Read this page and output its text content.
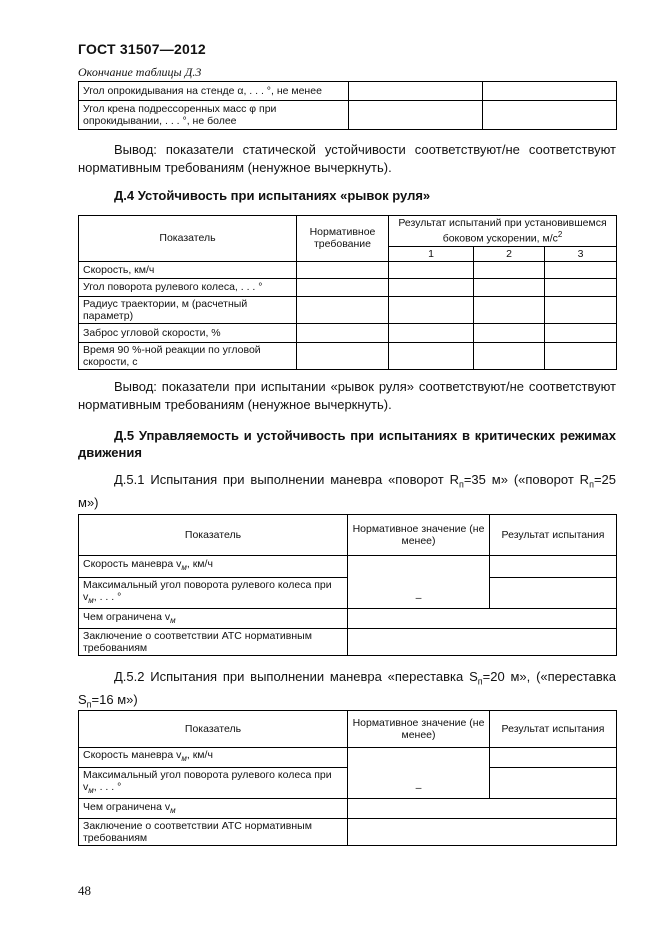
ГОСТ 31507—2012
Окончание таблицы Д.3
Угол опрокидывания на стенде α, . . . °, не менее		
Угол крена подрессоренных масс φ при опрокидывании, . . . °, не более		

Вывод: показатели статической устойчивости соответствуют/не соответствуют нормативным требованиям (ненужное вычеркнуть).

Д.4 Устойчивость при испытаниях «рывок руля»
Показатель	Нормативное требование	Результат испытаний при установившемся боковом ускорении, $м/с^2$
		1	2	3
Скорость, км/ч				
Угол поворота рулевого колеса, . . . °				
Радиус траектории, м (расчетный параметр)				
Заброс угловой скорости, %				
Время 90 %-ной реакции по угловой скорости, с				

Вывод: показатели при испытании «рывок руля» соответствуют/не соответствуют нормативным требованиям (ненужное вычеркнуть).

Д.5 Управляемость и устойчивость при испытаниях в критических режимах движения

Д.5.1 Испытания при выполнении маневра «поворот $R_п=35$ м» («поворот $R_п=25$ м»)

Показатель	Нормативное значение (не менее)	Результат испытания
Скорость маневра $v_м$, км/ч	–	
Максимальный угол поворота рулевого колеса при $v_м$, . . . °		
Чем ограничена $v_м$	
Заключение о соответствии АТС нормативным требованиям		

Д.5.2 Испытания при выполнении маневра «переставка $S_п=20$ м», («переставка $S_п=16$ м»)

Показатель	Нормативное значение (не менее)	Результат испытания
Скорость маневра $v_м$, км/ч	–	
Максимальный угол поворота рулевого колеса при $v_м$, . . . °		
Чем ограничена $v_м$	
Заключение о соответствии АТС нормативным требованиям		
48
